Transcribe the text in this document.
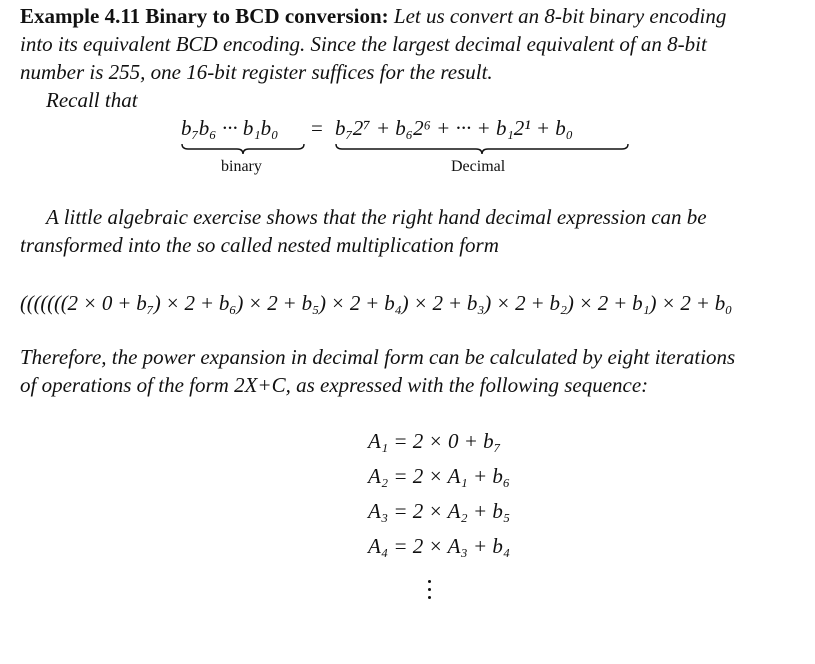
Example 4.11 Binary to BCD conversion: Let us convert an 8-bit binary encoding
into its equivalent BCD encoding. Since the largest decimal equivalent of an 8-bit
number is 255, one 16-bit register suffices for the result.
Recall that
b₇b₆ ··· b₁b₀ = b₇2⁷ + b₆2⁶ + ··· + b₁2¹ + b₀
binary	Decimal
A little algebraic exercise shows that the right hand decimal expression can be
transformed into the so called nested multiplication form
(((((((2 × 0 + b₇) × 2 + b₆) × 2 + b₅) × 2 + b₄) × 2 + b₃) × 2 + b₂) × 2 + b₁) × 2 + b₀
Therefore, the power expansion in decimal form can be calculated by eight iterations
of operations of the form 2X+C, as expressed with the following sequence:
A₁ = 2 × 0 + b₇
A₂ = 2 × A₁ + b₆
A₃ = 2 × A₂ + b₅
A₄ = 2 × A₃ + b₄
